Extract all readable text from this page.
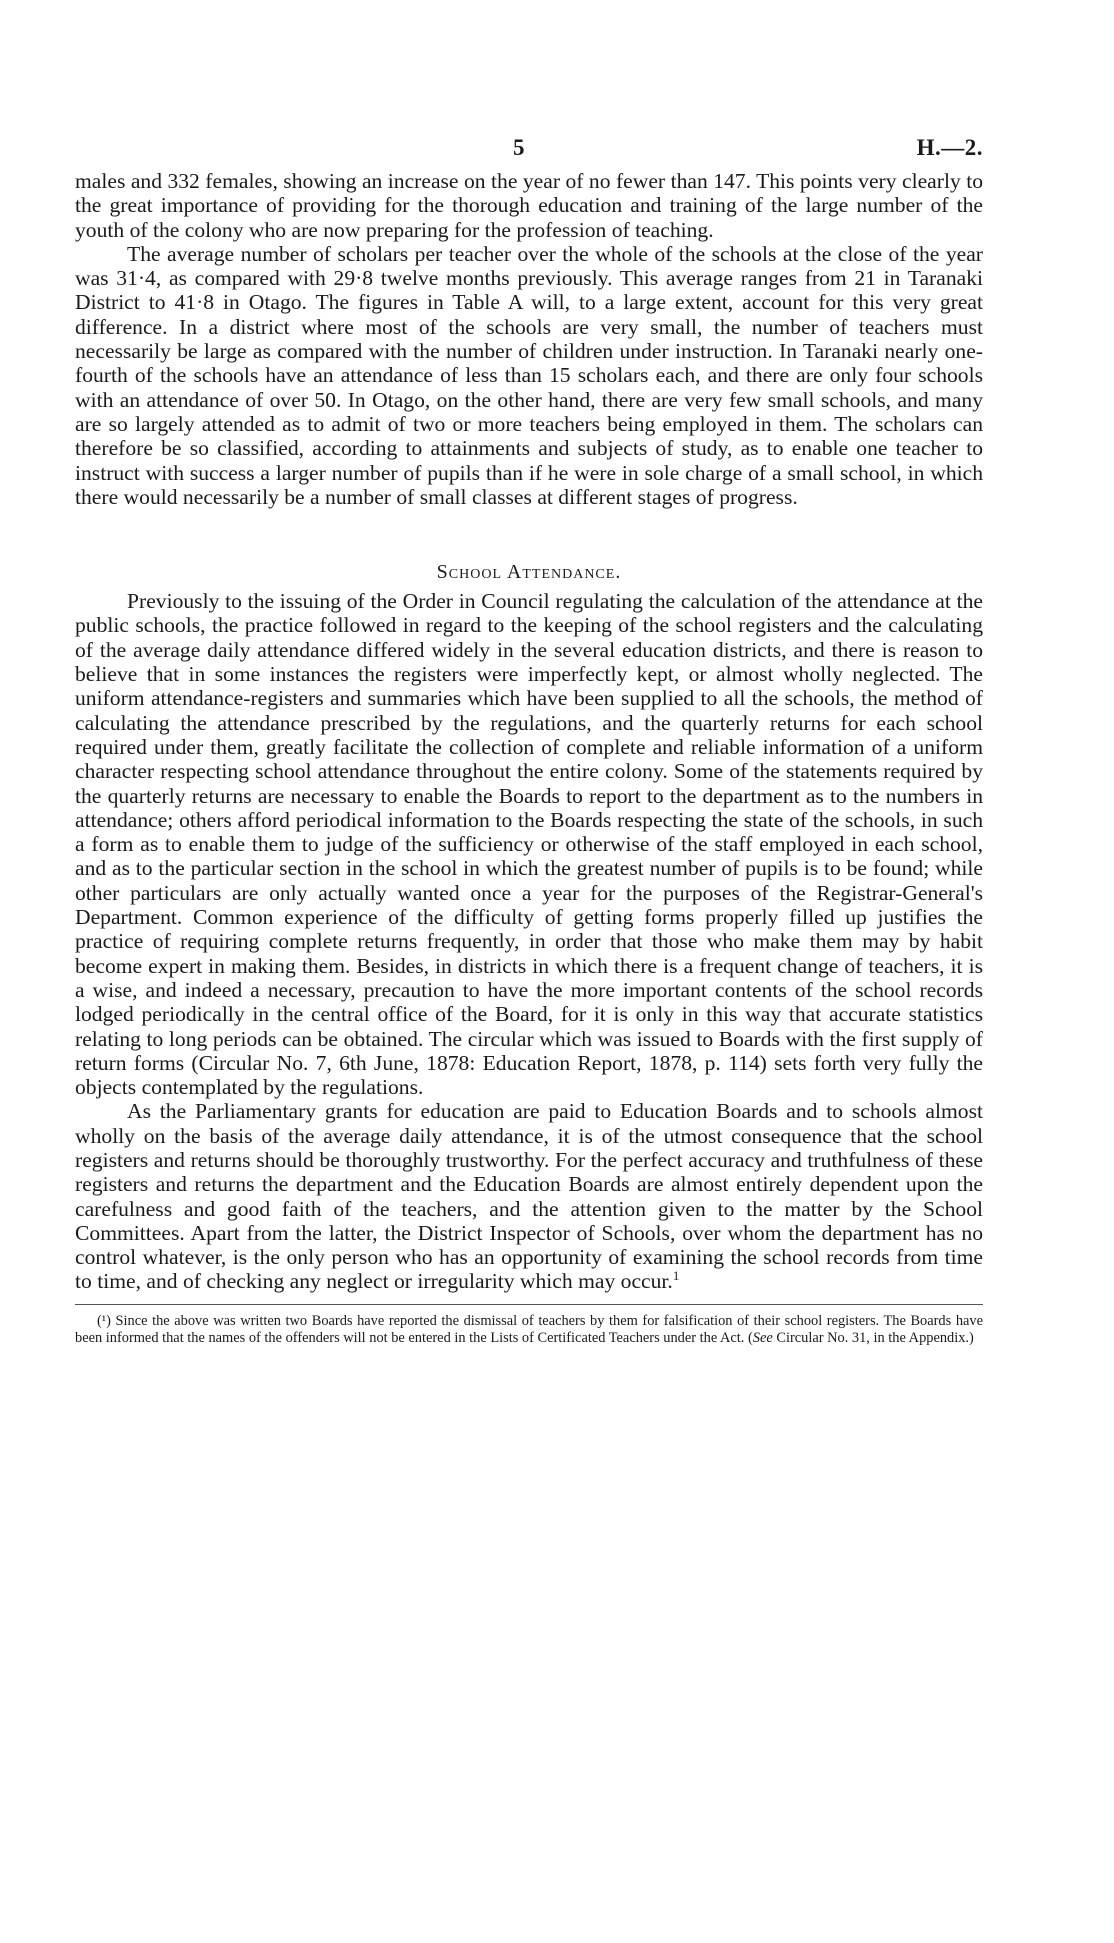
5	H.—2.

males and 332 females, showing an increase on the year of no fewer than 147. This points very clearly to the great importance of providing for the thorough education and training of the large number of the youth of the colony who are now preparing for the profession of teaching.

The average number of scholars per teacher over the whole of the schools at the close of the year was 31·4, as compared with 29·8 twelve months previously. This average ranges from 21 in Taranaki District to 41·8 in Otago. The figures in Table A will, to a large extent, account for this very great difference. In a district where most of the schools are very small, the number of teachers must necessarily be large as compared with the number of children under instruction. In Taranaki nearly one-fourth of the schools have an attendance of less than 15 scholars each, and there are only four schools with an attendance of over 50. In Otago, on the other hand, there are very few small schools, and many are so largely attended as to admit of two or more teachers being employed in them. The scholars can therefore be so classified, according to attainments and subjects of study, as to enable one teacher to instruct with success a larger number of pupils than if he were in sole charge of a small school, in which there would necessarily be a number of small classes at different stages of progress.

School Attendance.

Previously to the issuing of the Order in Council regulating the calculation of the attendance at the public schools, the practice followed in regard to the keeping of the school registers and the calculating of the average daily attendance differed widely in the several education districts, and there is reason to believe that in some instances the registers were imperfectly kept, or almost wholly neglected. The uniform attendance-registers and summaries which have been supplied to all the schools, the method of calculating the attendance prescribed by the regulations, and the quarterly returns for each school required under them, greatly facilitate the collection of complete and reliable information of a uniform character respecting school attendance throughout the entire colony. Some of the statements required by the quarterly returns are necessary to enable the Boards to report to the department as to the numbers in attendance; others afford periodical information to the Boards respecting the state of the schools, in such a form as to enable them to judge of the sufficiency or otherwise of the staff employed in each school, and as to the particular section in the school in which the greatest number of pupils is to be found; while other particulars are only actually wanted once a year for the purposes of the Registrar-General's Department. Common experience of the difficulty of getting forms properly filled up justifies the practice of requiring complete returns frequently, in order that those who make them may by habit become expert in making them. Besides, in districts in which there is a frequent change of teachers, it is a wise, and indeed a necessary, precaution to have the more important contents of the school records lodged periodically in the central office of the Board, for it is only in this way that accurate statistics relating to long periods can be obtained. The circular which was issued to Boards with the first supply of return forms (Circular No. 7, 6th June, 1878: Education Report, 1878, p. 114) sets forth very fully the objects contemplated by the regulations.

As the Parliamentary grants for education are paid to Education Boards and to schools almost wholly on the basis of the average daily attendance, it is of the utmost consequence that the school registers and returns should be thoroughly trustworthy. For the perfect accuracy and truthfulness of these registers and returns the department and the Education Boards are almost entirely dependent upon the carefulness and good faith of the teachers, and the attention given to the matter by the School Committees. Apart from the latter, the District Inspector of Schools, over whom the department has no control whatever, is the only person who has an opportunity of examining the school records from time to time, and of checking any neglect or irregularity which may occur.$^1$

(¹) Since the above was written two Boards have reported the dismissal of teachers by them for falsification of their school registers. The Boards have been informed that the names of the offenders will not be entered in the Lists of Certificated Teachers under the Act. (See Circular No. 31, in the Appendix.)
